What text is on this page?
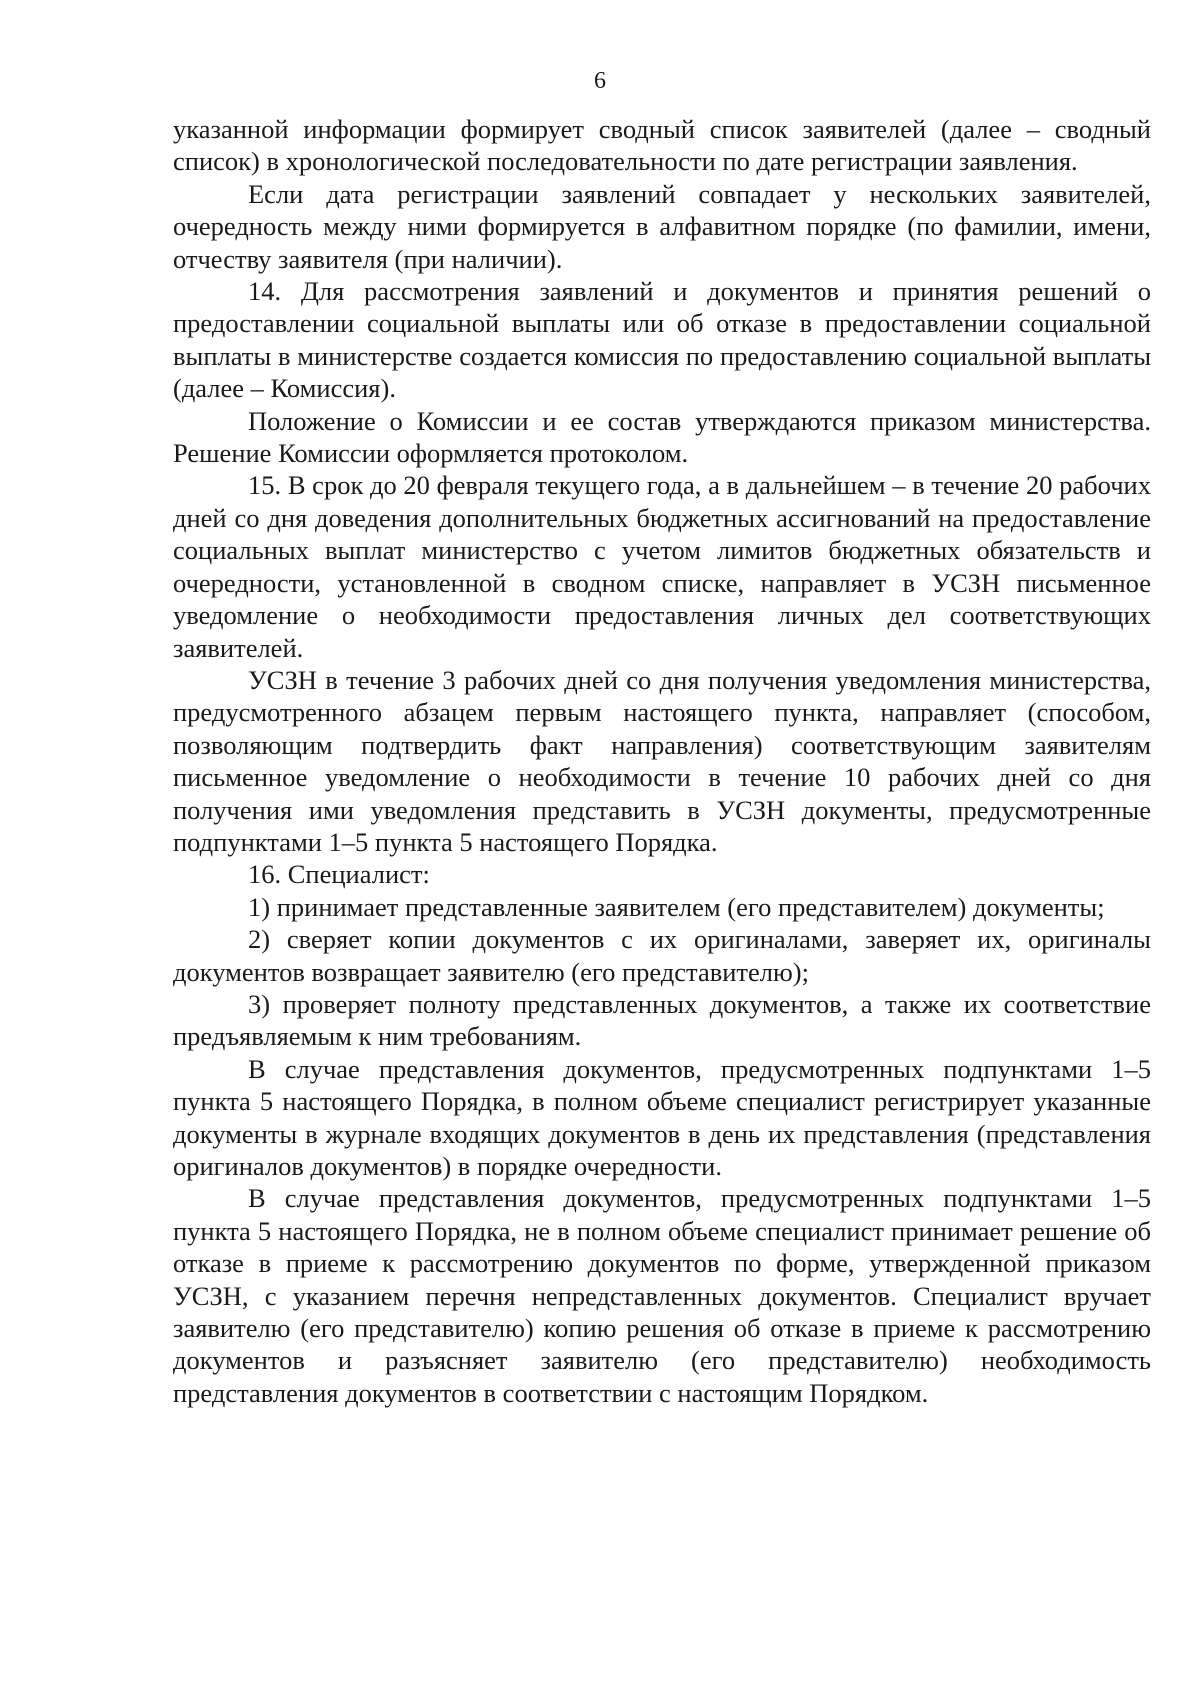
6

указанной информации формирует сводный список заявителей (далее – сводный список) в хронологической последовательности по дате регистрации заявления.

Если дата регистрации заявлений совпадает у нескольких заявителей, очередность между ними формируется в алфавитном порядке (по фамилии, имени, отчеству заявителя (при наличии).

14. Для рассмотрения заявлений и документов и принятия решений о предоставлении социальной выплаты или об отказе в предоставлении социальной выплаты в министерстве создается комиссия по предоставлению социальной выплаты (далее – Комиссия).

Положение о Комиссии и ее состав утверждаются приказом министерства. Решение Комиссии оформляется протоколом.

15. В срок до 20 февраля текущего года, а в дальнейшем – в течение 20 рабочих дней со дня доведения дополнительных бюджетных ассигнований на предоставление социальных выплат министерство с учетом лимитов бюджетных обязательств и очередности, установленной в сводном списке, направляет в УСЗН письменное уведомление о необходимости предоставления личных дел соответствующих заявителей.

УСЗН в течение 3 рабочих дней со дня получения уведомления министерства, предусмотренного абзацем первым настоящего пункта, направляет (способом, позволяющим подтвердить факт направления) соответствующим заявителям письменное уведомление о необходимости в течение 10 рабочих дней со дня получения ими уведомления представить в УСЗН документы, предусмотренные подпунктами 1–5 пункта 5 настоящего Порядка.

16. Специалист:

1) принимает представленные заявителем (его представителем) документы;

2) сверяет копии документов с их оригиналами, заверяет их, оригиналы документов возвращает заявителю (его представителю);

3) проверяет полноту представленных документов, а также их соответствие предъявляемым к ним требованиям.

В случае представления документов, предусмотренных подпунктами 1–5 пункта 5 настоящего Порядка, в полном объеме специалист регистрирует указанные документы в журнале входящих документов в день их представления (представления оригиналов документов) в порядке очередности.

В случае представления документов, предусмотренных подпунктами 1–5 пункта 5 настоящего Порядка, не в полном объеме специалист принимает решение об отказе в приеме к рассмотрению документов по форме, утвержденной приказом УСЗН, с указанием перечня непредставленных документов. Специалист вручает заявителю (его представителю) копию решения об отказе в приеме к рассмотрению документов и разъясняет заявителю (его представителю) необходимость представления документов в соответствии с настоящим Порядком.
